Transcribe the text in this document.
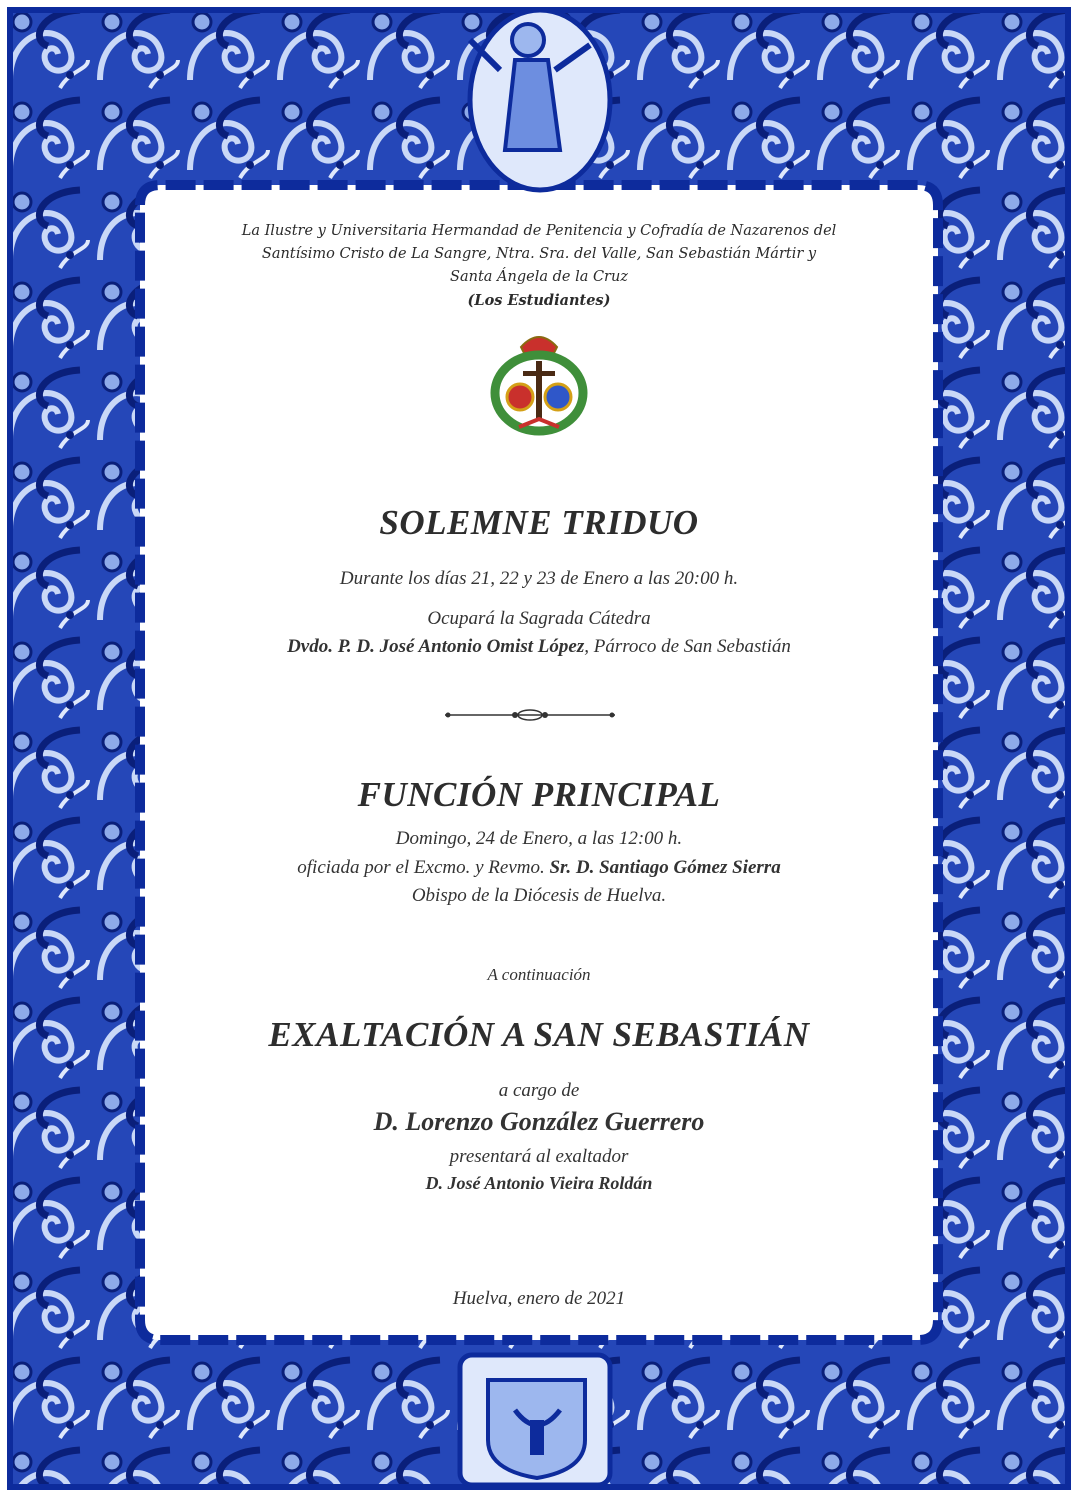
La Ilustre y Universitaria Hermandad de Penitencia y Cofradía de Nazarenos del
Santísimo Cristo de La Sangre, Ntra. Sra. del Valle, San Sebastián Mártir y
Santa Ángela de la Cruz
(Los Estudiantes)
SOLEMNE TRIDUO
Durante los días 21, 22 y 23 de Enero a las 20:00 h.
Ocupará la Sagrada Cátedra
Dvdo. P. D. José Antonio Omist López, Párroco de San Sebastián
FUNCIÓN PRINCIPAL
Domingo, 24 de Enero, a las 12:00 h.
oficiada por el Excmo. y Revmo. Sr. D. Santiago Gómez Sierra
Obispo de la Diócesis de Huelva.
A continuación
EXALTACIÓN A SAN SEBASTIÁN
a cargo de
D. Lorenzo González Guerrero
presentará al exaltador
D. José Antonio Vieira Roldán
Huelva, enero de 2021
